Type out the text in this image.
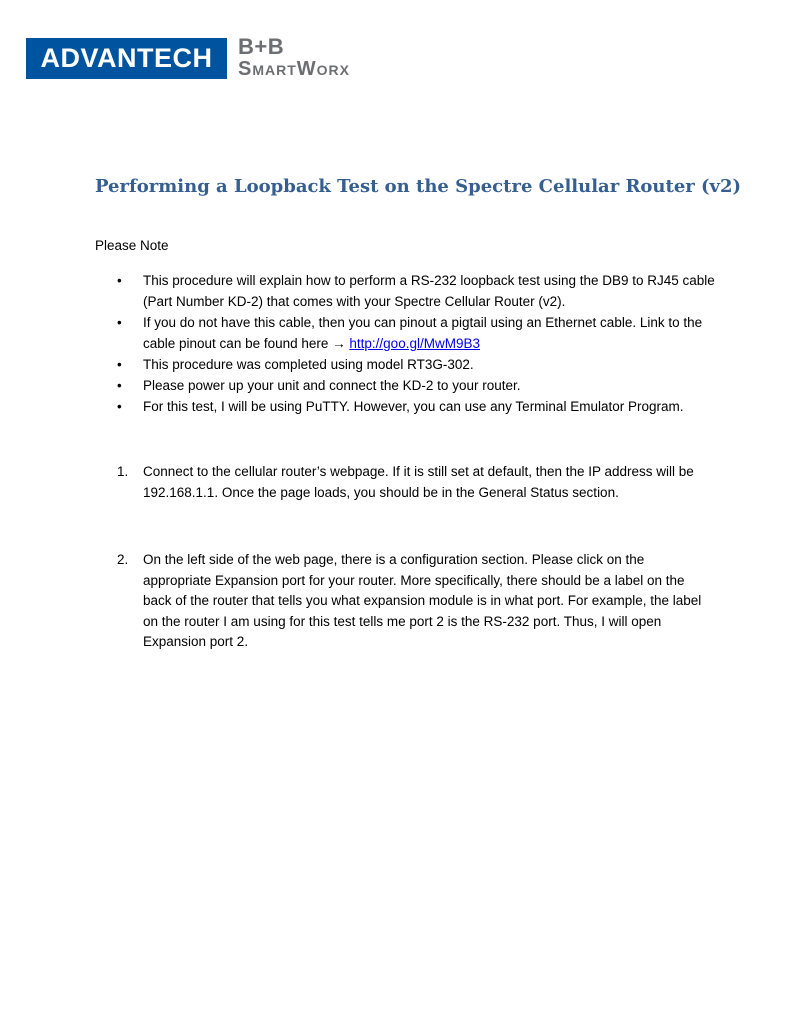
ADVANTECH	B+B
SmartWorx
Performing a Loopback Test on the Spectre Cellular Router (v2)
Please Note
• This procedure will explain how to perform a RS-232 loopback test using the DB9 to RJ45 cable (Part Number KD-2) that comes with your Spectre Cellular Router (v2).
• If you do not have this cable, then you can pinout a pigtail using an Ethernet cable. Link to the cable pinout can be found here → http://goo.gl/MwM9B3
• This procedure was completed using model RT3G-302.
• Please power up your unit and connect the KD-2 to your router.
• For this test, I will be using PuTTY. However, you can use any Terminal Emulator Program.
1. Connect to the cellular router’s webpage. If it is still set at default, then the IP address will be 192.168.1.1. Once the page loads, you should be in the General Status section.
2. On the left side of the web page, there is a configuration section. Please click on the appropriate Expansion port for your router. More specifically, there should be a label on the back of the router that tells you what expansion module is in what port. For example, the label on the router I am using for this test tells me port 2 is the RS-232 port. Thus, I will open Expansion port 2.
